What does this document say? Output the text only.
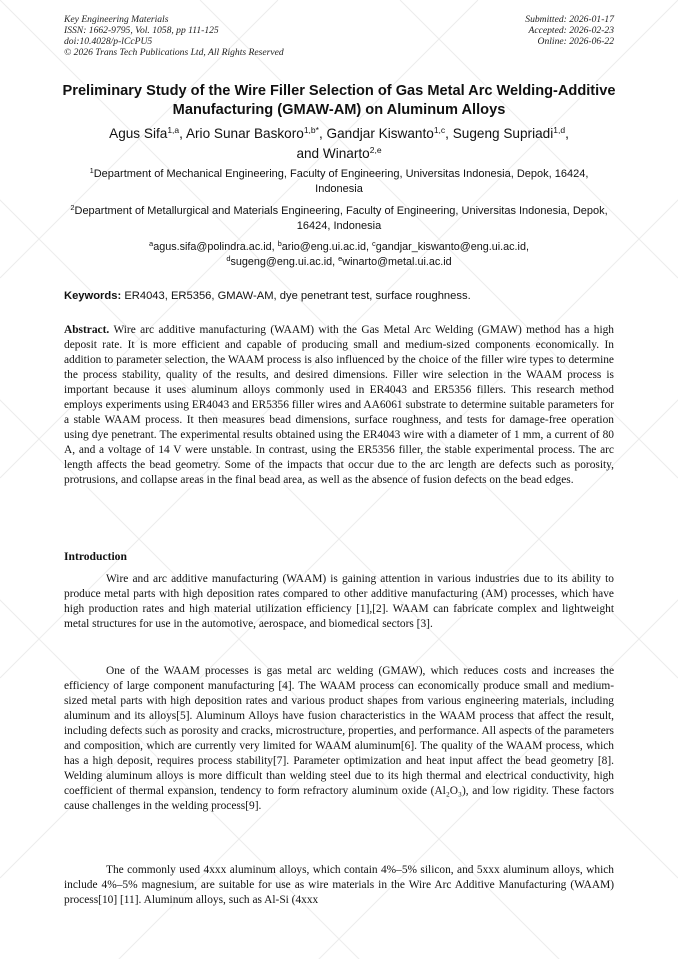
Key Engineering Materials
ISSN: 1662-9795, Vol. 1058, pp 111-125
doi:10.4028/p-lCcPU5
© 2026 Trans Tech Publications Ltd, All Rights Reserved
Submitted: 2026-01-17
Accepted: 2026-02-23
Online: 2026-06-22
Preliminary Study of the Wire Filler Selection of Gas Metal Arc Welding-Additive Manufacturing (GMAW-AM) on Aluminum Alloys
Agus Sifa$^{1,a}$, Ario Sunar Baskoro$^{1,b*}$, Gandjar Kiswanto$^{1,c}$, Sugeng Supriadi$^{1,d}$,
and Winarto$^{2,e}$
$^1$Department of Mechanical Engineering, Faculty of Engineering, Universitas Indonesia, Depok, 16424, Indonesia
$^2$Department of Metallurgical and Materials Engineering, Faculty of Engineering, Universitas Indonesia, Depok, 16424, Indonesia
$^a$agus.sifa@polindra.ac.id, $^b$ario@eng.ui.ac.id, $^c$gandjar_kiswanto@eng.ui.ac.id,
$^d$sugeng@eng.ui.ac.id, $^e$winarto@metal.ui.ac.id
Keywords: ER4043, ER5356, GMAW-AM, dye penetrant test, surface roughness.
Abstract. Wire arc additive manufacturing (WAAM) with the Gas Metal Arc Welding (GMAW) method has a high deposit rate. It is more efficient and capable of producing small and medium-sized components economically. In addition to parameter selection, the WAAM process is also influenced by the choice of the filler wire types to determine the process stability, quality of the results, and desired dimensions. Filler wire selection in the WAAM process is important because it uses aluminum alloys commonly used in ER4043 and ER5356 fillers. This research method employs experiments using ER4043 and ER5356 filler wires and AA6061 substrate to determine suitable parameters for a stable WAAM process. It then measures bead dimensions, surface roughness, and tests for damage-free operation using dye penetrant. The experimental results obtained using the ER4043 wire with a diameter of 1 mm, a current of 80 A, and a voltage of 14 V were unstable. In contrast, using the ER5356 filler, the stable experimental process. The arc length affects the bead geometry. Some of the impacts that occur due to the arc length are defects such as porosity, protrusions, and collapse areas in the final bead area, as well as the absence of fusion defects on the bead edges.
Introduction
Wire and arc additive manufacturing (WAAM) is gaining attention in various industries due to its ability to produce metal parts with high deposition rates compared to other additive manufacturing (AM) processes, which have high production rates and high material utilization efficiency [1],[2]. WAAM can fabricate complex and lightweight metal structures for use in the automotive, aerospace, and biomedical sectors [3].
One of the WAAM processes is gas metal arc welding (GMAW), which reduces costs and increases the efficiency of large component manufacturing [4]. The WAAM process can economically produce small and medium-sized metal parts with high deposition rates and various product shapes from various engineering materials, including aluminum and its alloys[5]. Aluminum Alloys have fusion characteristics in the WAAM process that affect the result, including defects such as porosity and cracks, microstructure, properties, and performance. All aspects of the parameters and composition, which are currently very limited for WAAM aluminum[6]. The quality of the WAAM process, which has a high deposit, requires process stability[7]. Parameter optimization and heat input affect the bead geometry [8]. Welding aluminum alloys is more difficult than welding steel due to its high thermal and electrical conductivity, high coefficient of thermal expansion, tendency to form refractory aluminum oxide (Al₂O₃), and low rigidity. These factors cause challenges in the welding process[9].
The commonly used 4xxx aluminum alloys, which contain 4%–5% silicon, and 5xxx aluminum alloys, which include 4%–5% magnesium, are suitable for use as wire materials in the Wire Arc Additive Manufacturing (WAAM) process[10] [11]. Aluminum alloys, such as Al-Si (4xxx
